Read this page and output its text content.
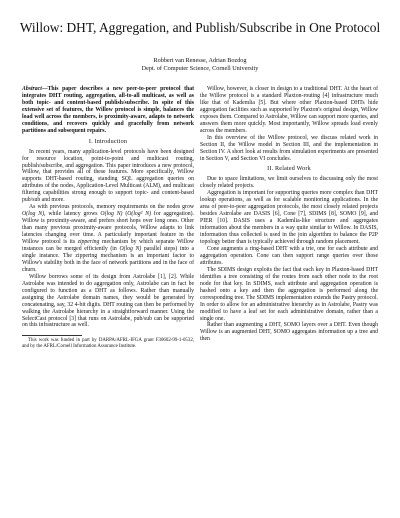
Willow: DHT, Aggregation, and Publish/Subscribe in One Protocol
Robbert van Renesse, Adrian Bozdog
Dept. of Computer Science, Cornell University

Abstract—This paper describes a new peer-to-peer protocol that integrates DHT routing, aggregation, all-to-all multicast, as well as both topic- and content-based publish/subscribe. In spite of this extensive set of features, the Willow protocol is simple, balances the load well across the members, is proximity-aware, adapts to network conditions, and recovers quickly and gracefully from network partitions and subsequent repairs.

I. Introduction

In recent years, many application-level protocols have been designed for resource location, point-to-point and multicast routing, publish/subscribe, and aggregation. This paper introduces a new protocol, Willow, that provides all of these features. More specifically, Willow supports DHT-based routing, standing SQL aggregation queries on attributes of the nodes, Application-Level Multicast (ALM), and multicast filtering capabilities strong enough to support topic- and content-based pub/sub and more.

As with previous protocols, memory requirements on the nodes grow O(log N), while latency grows O(log N) (O(log² N) for aggregation). Willow is proximity-aware, and prefers short hops over long ones. Other than many previous proximity-aware protocols, Willow adapts to link latencies changing over time. A particularly important feature in the Willow protocol is its zippering mechanism by which separate Willow instances can be merged efficiently (in O(log N) parallel steps) into a single instance. The zippering mechanism is an important factor to Willow's stability both in the face of network partitions and in the face of churn.

Willow borrows some of its design from Astrolabe [1], [2]. While Astrolabe was intended to do aggregation only, Astrolabe can in fact be configured to function as a DHT as follows. Rather than manually assigning the Astrolabe domain names, they would be generated by concatenating, say, 32 4-bit digits. DHT routing can then be performed by walking the Astrolabe hierarchy in a straightforward manner. Using the SelectCast protocol [3] that runs on Astrolabe, pub/sub can be supported on this infrastructure as well.

This work was funded in part by DARPA/AFRL-IFGA grant F30602-99-1-0532, and by the AFRL/Cornell Information Assurance Institute.

Willow, however, is closer in design to a traditional DHT. At the heart of the Willow protocol is a standard Plaxton-routing [4] infrastructure much like that of Kademlia [5]. But where other Plaxton-based DHTs hide aggregation facilities such as supported by Plaxton's original design, Willow exposes them. Compared to Astrolabe, Willow can support more queries, and answers them more quickly. Most importantly, Willow spreads load evenly across the members.

In this overview of the Willow protocol, we discuss related work in Section II, the Willow model in Section III, and the implementation in Section IV. A short look at results from simulation experiments are presented in Section V, and Section VI concludes.

II. Related Work

Due to space limitations, we limit ourselves to discussing only the most closely related projects.

Aggregation is important for supporting queries more complex than DHT lookup operations, as well as for scalable monitoring applications. In the area of peer-to-peer aggregation protocols, the most closely related projects besides Astrolabe are DASIS [6], Cone [7], SDIMS [8], SOMO [9], and PIER [10]. DASIS uses a Kademlia-like structure and aggregates information about the members in a way quite similar to Willow. In DASIS, information thus collected is used in the join algorithm to balance the P2P topology better than is typically achieved through random placement.

Cone augments a ring-based DHT with a trie, one for each attribute and aggregation operation. Cone can then support range queries over those attributes.

The SDIMS design exploits the fact that each key in Plaxton-based DHT identifies a tree consisting of the routes from each other node to the root node for that key. In SDIMS, each attribute and aggregation operation is hashed onto a key and then the aggregation is performed along the corresponding tree. The SDIMS implementation extends the Pastry protocol. In order to allow for an administrative hierarchy as in Astrolabe, Pastry was modified to have a leaf set for each administrative domain, rather than a single one.

Rather than augmenting a DHT, SOMO layers over a DHT. Even though Willow is an augmented DHT, SOMO aggregates information up a tree and then
